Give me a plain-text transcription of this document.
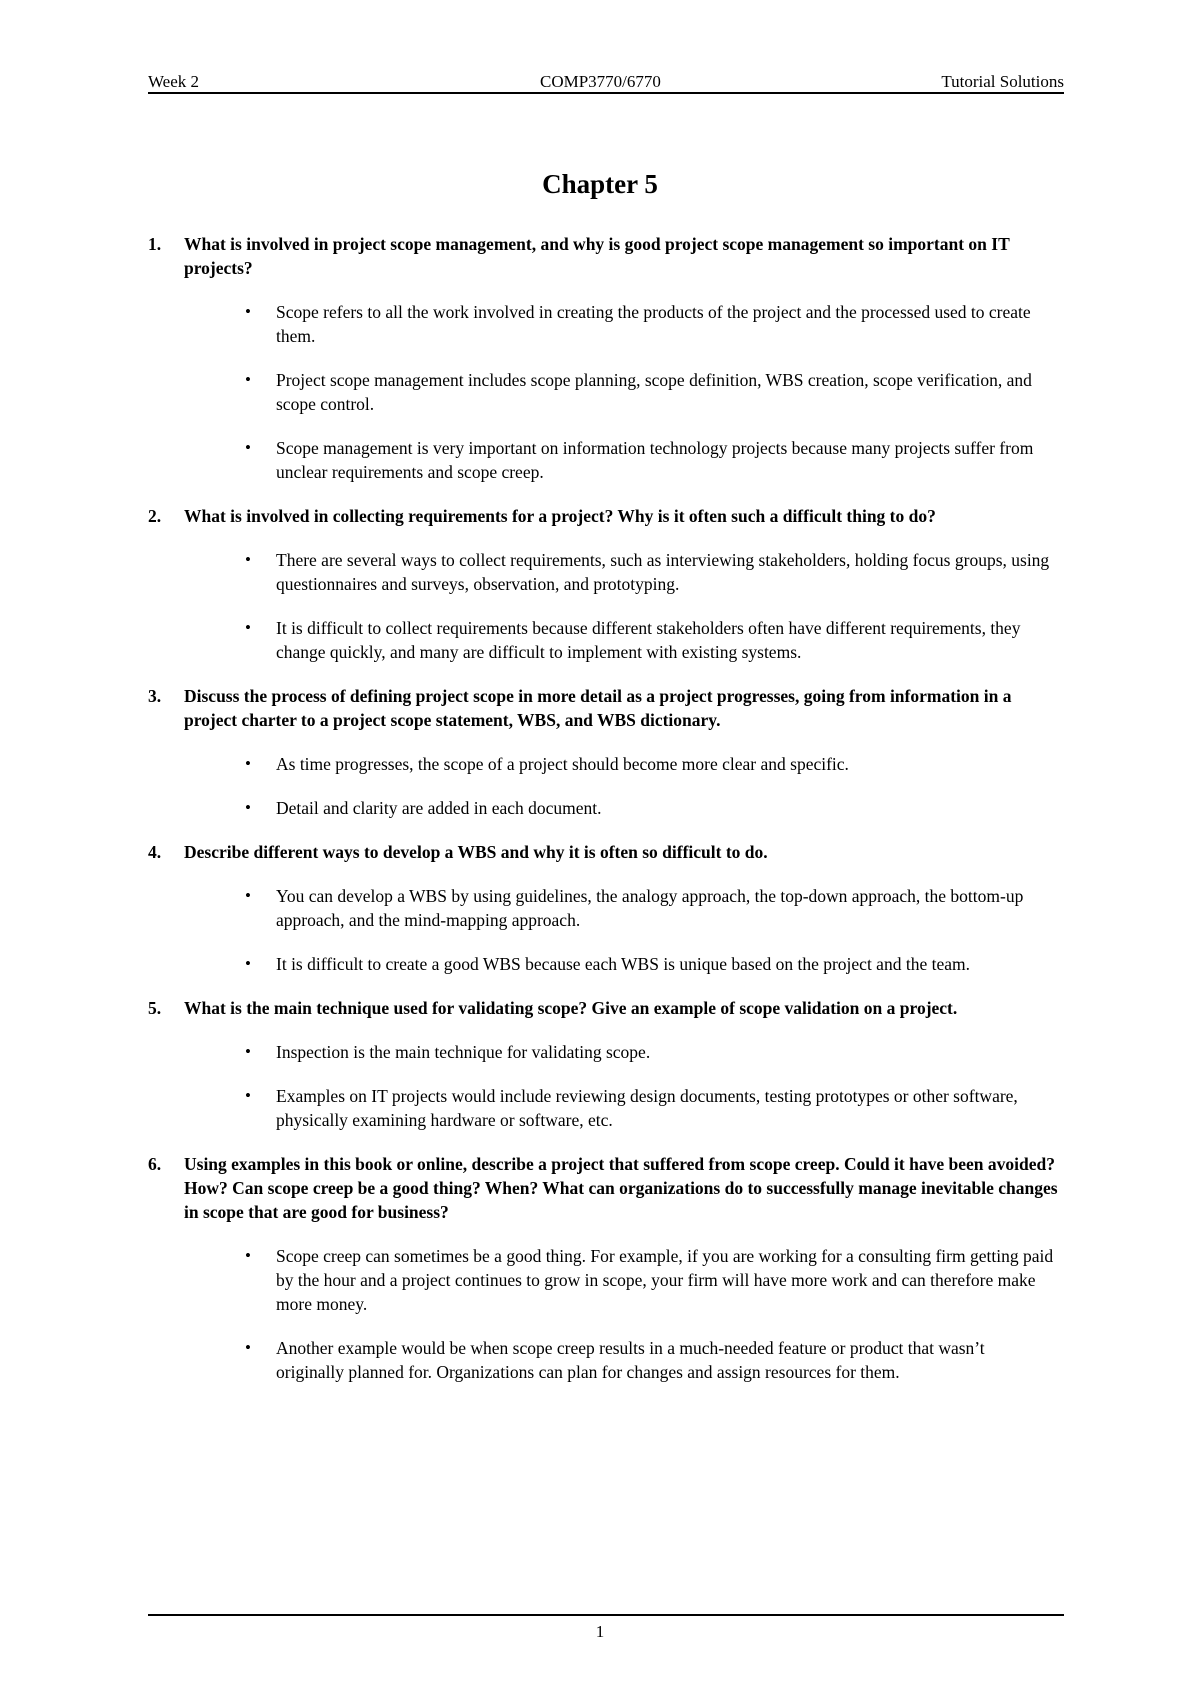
Week 2	COMP3770/6770	Tutorial Solutions
Chapter 5
1. What is involved in project scope management, and why is good project scope management so important on IT projects?
• Scope refers to all the work involved in creating the products of the project and the processed used to create them.
• Project scope management includes scope planning, scope definition, WBS creation, scope verification, and scope control.
• Scope management is very important on information technology projects because many projects suffer from unclear requirements and scope creep.
2. What is involved in collecting requirements for a project? Why is it often such a difficult thing to do?
• There are several ways to collect requirements, such as interviewing stakeholders, holding focus groups, using questionnaires and surveys, observation, and prototyping.
• It is difficult to collect requirements because different stakeholders often have different requirements, they change quickly, and many are difficult to implement with existing systems.
3. Discuss the process of defining project scope in more detail as a project progresses, going from information in a project charter to a project scope statement, WBS, and WBS dictionary.
• As time progresses, the scope of a project should become more clear and specific.
• Detail and clarity are added in each document.
4. Describe different ways to develop a WBS and why it is often so difficult to do.
• You can develop a WBS by using guidelines, the analogy approach, the top-down approach, the bottom-up approach, and the mind-mapping approach.
• It is difficult to create a good WBS because each WBS is unique based on the project and the team.
5. What is the main technique used for validating scope? Give an example of scope validation on a project.
• Inspection is the main technique for validating scope.
• Examples on IT projects would include reviewing design documents, testing prototypes or other software, physically examining hardware or software, etc.
6. Using examples in this book or online, describe a project that suffered from scope creep. Could it have been avoided? How? Can scope creep be a good thing? When? What can organizations do to successfully manage inevitable changes in scope that are good for business?
• Scope creep can sometimes be a good thing. For example, if you are working for a consulting firm getting paid by the hour and a project continues to grow in scope, your firm will have more work and can therefore make more money.
• Another example would be when scope creep results in a much-needed feature or product that wasn’t originally planned for. Organizations can plan for changes and assign resources for them.
1
